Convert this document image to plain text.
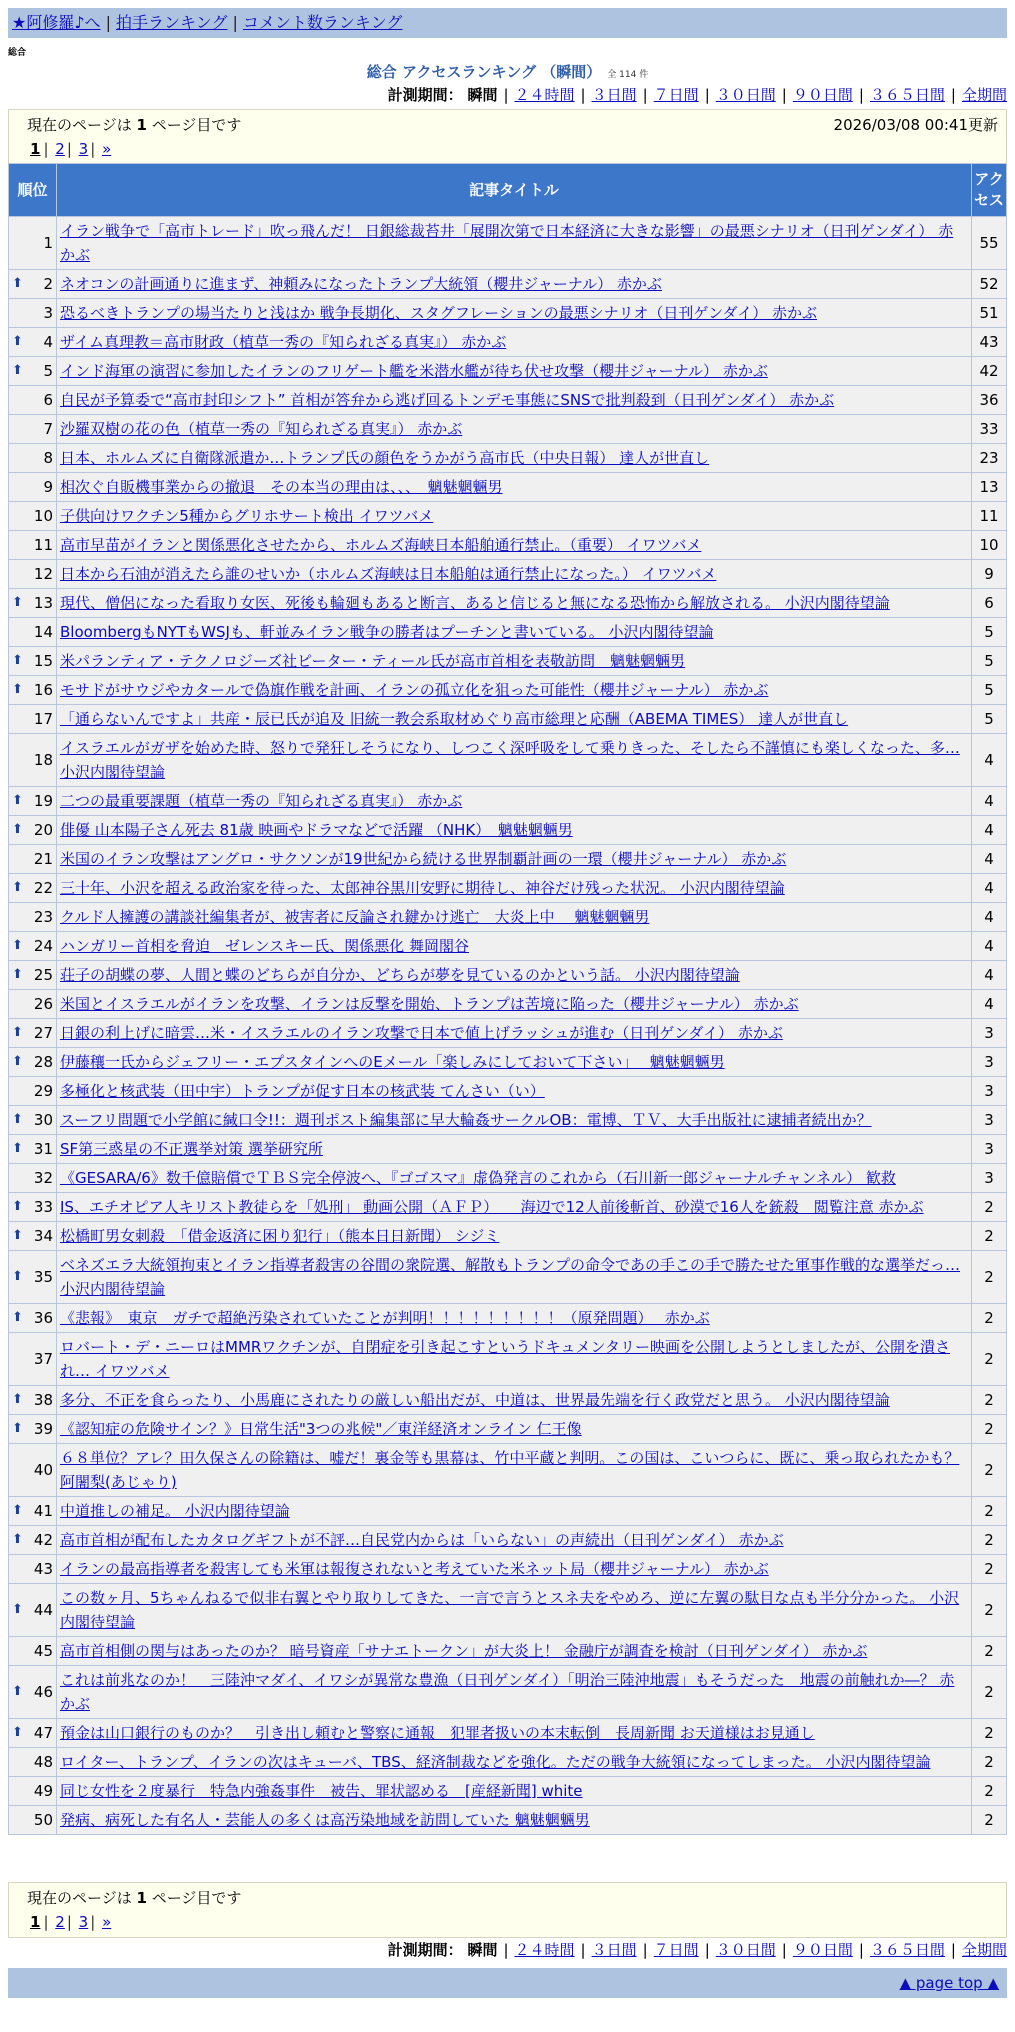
★阿修羅♪へ | 拍手ランキング | コメント数ランキング
総合
総合 アクセスランキング （瞬間） 全 114 件
計測期間： 瞬間 | ２４時間 | ３日間 | ７日間 | ３０日間 | ９０日間 | ３６５日間 | 全期間
現在のページは 1 ページ目です	2026/03/08 00:41更新
1 | 2 | 3 | »
順位	記事タイトル	アクセス
1	イラン戦争で「高市トレード」吹っ飛んだ！ 日銀総裁苔井「展開次第で日本経済に大きな影響」の最悪シナリオ（日刊ゲンダイ） 赤かぶ	55

⬆ 2	ネオコンの計画通りに進まず、神頼みになったトランプ大統領（櫻井ジャーナル） 赤かぶ	52
3	恐るべきトランプの場当たりと浅はか 戦争長期化、スタグフレーションの最悪シナリオ（日刊ゲンダイ） 赤かぶ	51

⬆ 4	ザイム真理教＝高市財政（植草一秀の『知られざる真実』） 赤かぶ	43

⬆ 5	インド海軍の演習に参加したイランのフリゲート艦を米潜水艦が待ち伏せ攻撃（櫻井ジャーナル） 赤かぶ	42
6	自民が予算委で“高市封印シフト” 首相が答弁から逃げ回るトンデモ事態にSNSで批判殺到（日刊ゲンダイ） 赤かぶ	36
7	沙羅双樹の花の色（植草一秀の『知られざる真実』） 赤かぶ	33
8	日本、ホルムズに自衛隊派遣か…トランプ氏の顔色をうかがう高市氏（中央日報） 達人が世直し	23
9	相次ぐ自販機事業からの撤退　その本当の理由は、、、　魑魅魍魎男	13
10	子供向けワクチン5種からグリホサート検出 イワツバメ	11
11	高市早苗がイランと関係悪化させたから、ホルムズ海峡日本船舶通行禁止。（重要） イワツバメ	10
12	日本から石油が消えたら誰のせいか（ホルムズ海峡は日本船舶は通行禁止になった。） イワツバメ	9

⬆ 13	現代、僧侶になった看取り女医、死後も輪廻もあると断言、あると信じると無になる恐怖から解放される。 小沢内閣待望論	6
14	BloombergもNYTもWSJも、軒並みイラン戦争の勝者はプーチンと書いている。 小沢内閣待望論	5

⬆ 15	米パランティア・テクノロジーズ社ピーター・ティール氏が高市首相を表敬訪問　魑魅魍魎男	5

⬆ 16	モサドがサウジやカタールで偽旗作戦を計画、イランの孤立化を狙った可能性（櫻井ジャーナル） 赤かぶ	5
17	「通らないんですよ」共産・辰已氏が追及 旧統一教会系取材めぐり高市総理と応酬（ABEMA TIMES） 達人が世直し	5
18	イスラエルがガザを始めた時、怒りで発狂しそうになり、しつこく深呼吸をして乗りきった、そしたら不謹慎にも楽しくなった、多… 小沢内閣待望論	4

⬆ 19	二つの最重要課題（植草一秀の『知られざる真実』） 赤かぶ	4

⬆ 20	俳優 山本陽子さん死去 81歳 映画やドラマなどで活躍 （NHK）　魑魅魍魎男	4
21	米国のイラン攻撃はアングロ・サクソンが19世紀から続ける世界制覇計画の一環（櫻井ジャーナル） 赤かぶ	4

⬆ 22	三十年、小沢を超える政治家を待った、太郎神谷黒川安野に期待し、神谷だけ残った状況。 小沢内閣待望論	4
23	クルド人擁護の講談社編集者が、被害者に反論され鍵かけ逃亡　大炎上中　 魑魅魍魎男	4

⬆ 24	ハンガリー首相を脅迫　ゼレンスキー氏、関係悪化 舞岡閣谷	4

⬆ 25	荘子の胡蝶の夢、人間と蝶のどちらが自分か、どちらが夢を見ているのかという話。 小沢内閣待望論	4
26	米国とイスラエルがイランを攻撃、イランは反撃を開始、トランプは苦境に陥った（櫻井ジャーナル） 赤かぶ	4

⬆ 27	日銀の利上げに暗雲…米・イスラエルのイラン攻撃で日本で値上げラッシュが進む（日刊ゲンダイ） 赤かぶ	3

⬆ 28	伊藤穰一氏からジェフリー・エプスタインへのEメール「楽しみにしておいて下さい」　 魑魅魍魎男	3
29	多極化と核武装（田中宇）トランプが促す日本の核武装 てんさい（い）	3

⬆ 30	スーフリ問題で小学館に緘口令!!：週刊ポスト編集部に早大輪姦サークルOB：電博、ＴＶ、大手出版社に逮捕者続出か？	3

⬆ 31	SF第三惑星の不正選挙対策 選挙研究所	3
32	《GESARA/6》数千億賠償でＴＢＳ完全停波へ、『ゴゴスマ』虚偽発言のこれから（石川新一郎ジャーナルチャンネル） 歓救	3

⬆ 33	IS、エチオピア人キリスト教徒らを「処刑」 動画公開（ＡＦＰ）　　海辺で12人前後斬首、砂漠で16人を銃殺　閲覧注意 赤かぶ	2

⬆ 34	松橋町男女刺殺　「借金返済に困り犯行」（熊本日日新聞） シジミ	2

⬆ 35	ベネズエラ大統領拘束とイラン指導者殺害の谷間の衆院選、解散もトランプの命令であの手この手で勝たせた軍事作戦的な選挙だっ… 小沢内閣待望論	2

⬆ 36	《悲報》　東京　ガチで超絶汚染されていたことが判明！！！！！！！！！（原発問題）　 赤かぶ	2
37	ロバート・デ・ニーロはMMRワクチンが、自閉症を引き起こすというドキュメンタリー映画を公開しようとしましたが、公開を潰され… イワツバメ	2

⬆ 38	多分、不正を食らったり、小馬鹿にされたりの厳しい船出だが、中道は、世界最先端を行く政党だと思う。 小沢内閣待望論	2

⬆ 39	《認知症の危険サイン？》日常生活"3つの兆候"／東洋経済オンライン 仁王像	2
40	６８単位？アレ？田久保さんの除籍は、嘘だ！裏金等も黒幕は、竹中平蔵と判明。この国は、こいつらに、既に、乗っ取られたかも？ 阿闍梨(あじゃり)	2

⬆ 41	中道推しの補足。 小沢内閣待望論	2

⬆ 42	高市首相が配布したカタログギフトが不評…自民党内からは「いらない」の声続出（日刊ゲンダイ） 赤かぶ	2
43	イランの最高指導者を殺害しても米軍は報復されないと考えていた米ネット局（櫻井ジャーナル） 赤かぶ	2

⬆ 44	この数ヶ月、5ちゃんねるで似非右翼とやり取りしてきた、一言で言うとスネ夫をやめろ、逆に左翼の駄目な点も半分分かった。 小沢内閣待望論	2
45	高市首相側の関与はあったのか？ 暗号資産「サナエトークン」が大炎上！ 金融庁が調査を検討（日刊ゲンダイ） 赤かぶ	2

⬆ 46	これは前兆なのか！　三陸沖マダイ、イワシが異常な豊漁（日刊ゲンダイ）「明治三陸沖地震」もそうだった　地震の前触れか―？ 赤かぶ	2

⬆ 47	預金は山口銀行のものか？　引き出し頼むと警察に通報　犯罪者扱いの本末転倒　長周新聞 お天道様はお見通し	2
48	ロイター、トランプ、イランの次はキューバ、TBS、経済制裁などを強化。ただの戦争大統領になってしまった。 小沢内閣待望論	2
49	同じ女性を２度暴行　特急内強姦事件　被告、罪状認める　[産経新聞] white	2
50	発病、病死した有名人・芸能人の多くは高汚染地域を訪問していた 魑魅魍魎男	2
現在のページは 1 ページ目です
1 | 2 | 3 | »
計測期間： 瞬間 | ２４時間 | ３日間 | ７日間 | ３０日間 | ９０日間 | ３６５日間 | 全期間
▲ page top ▲
